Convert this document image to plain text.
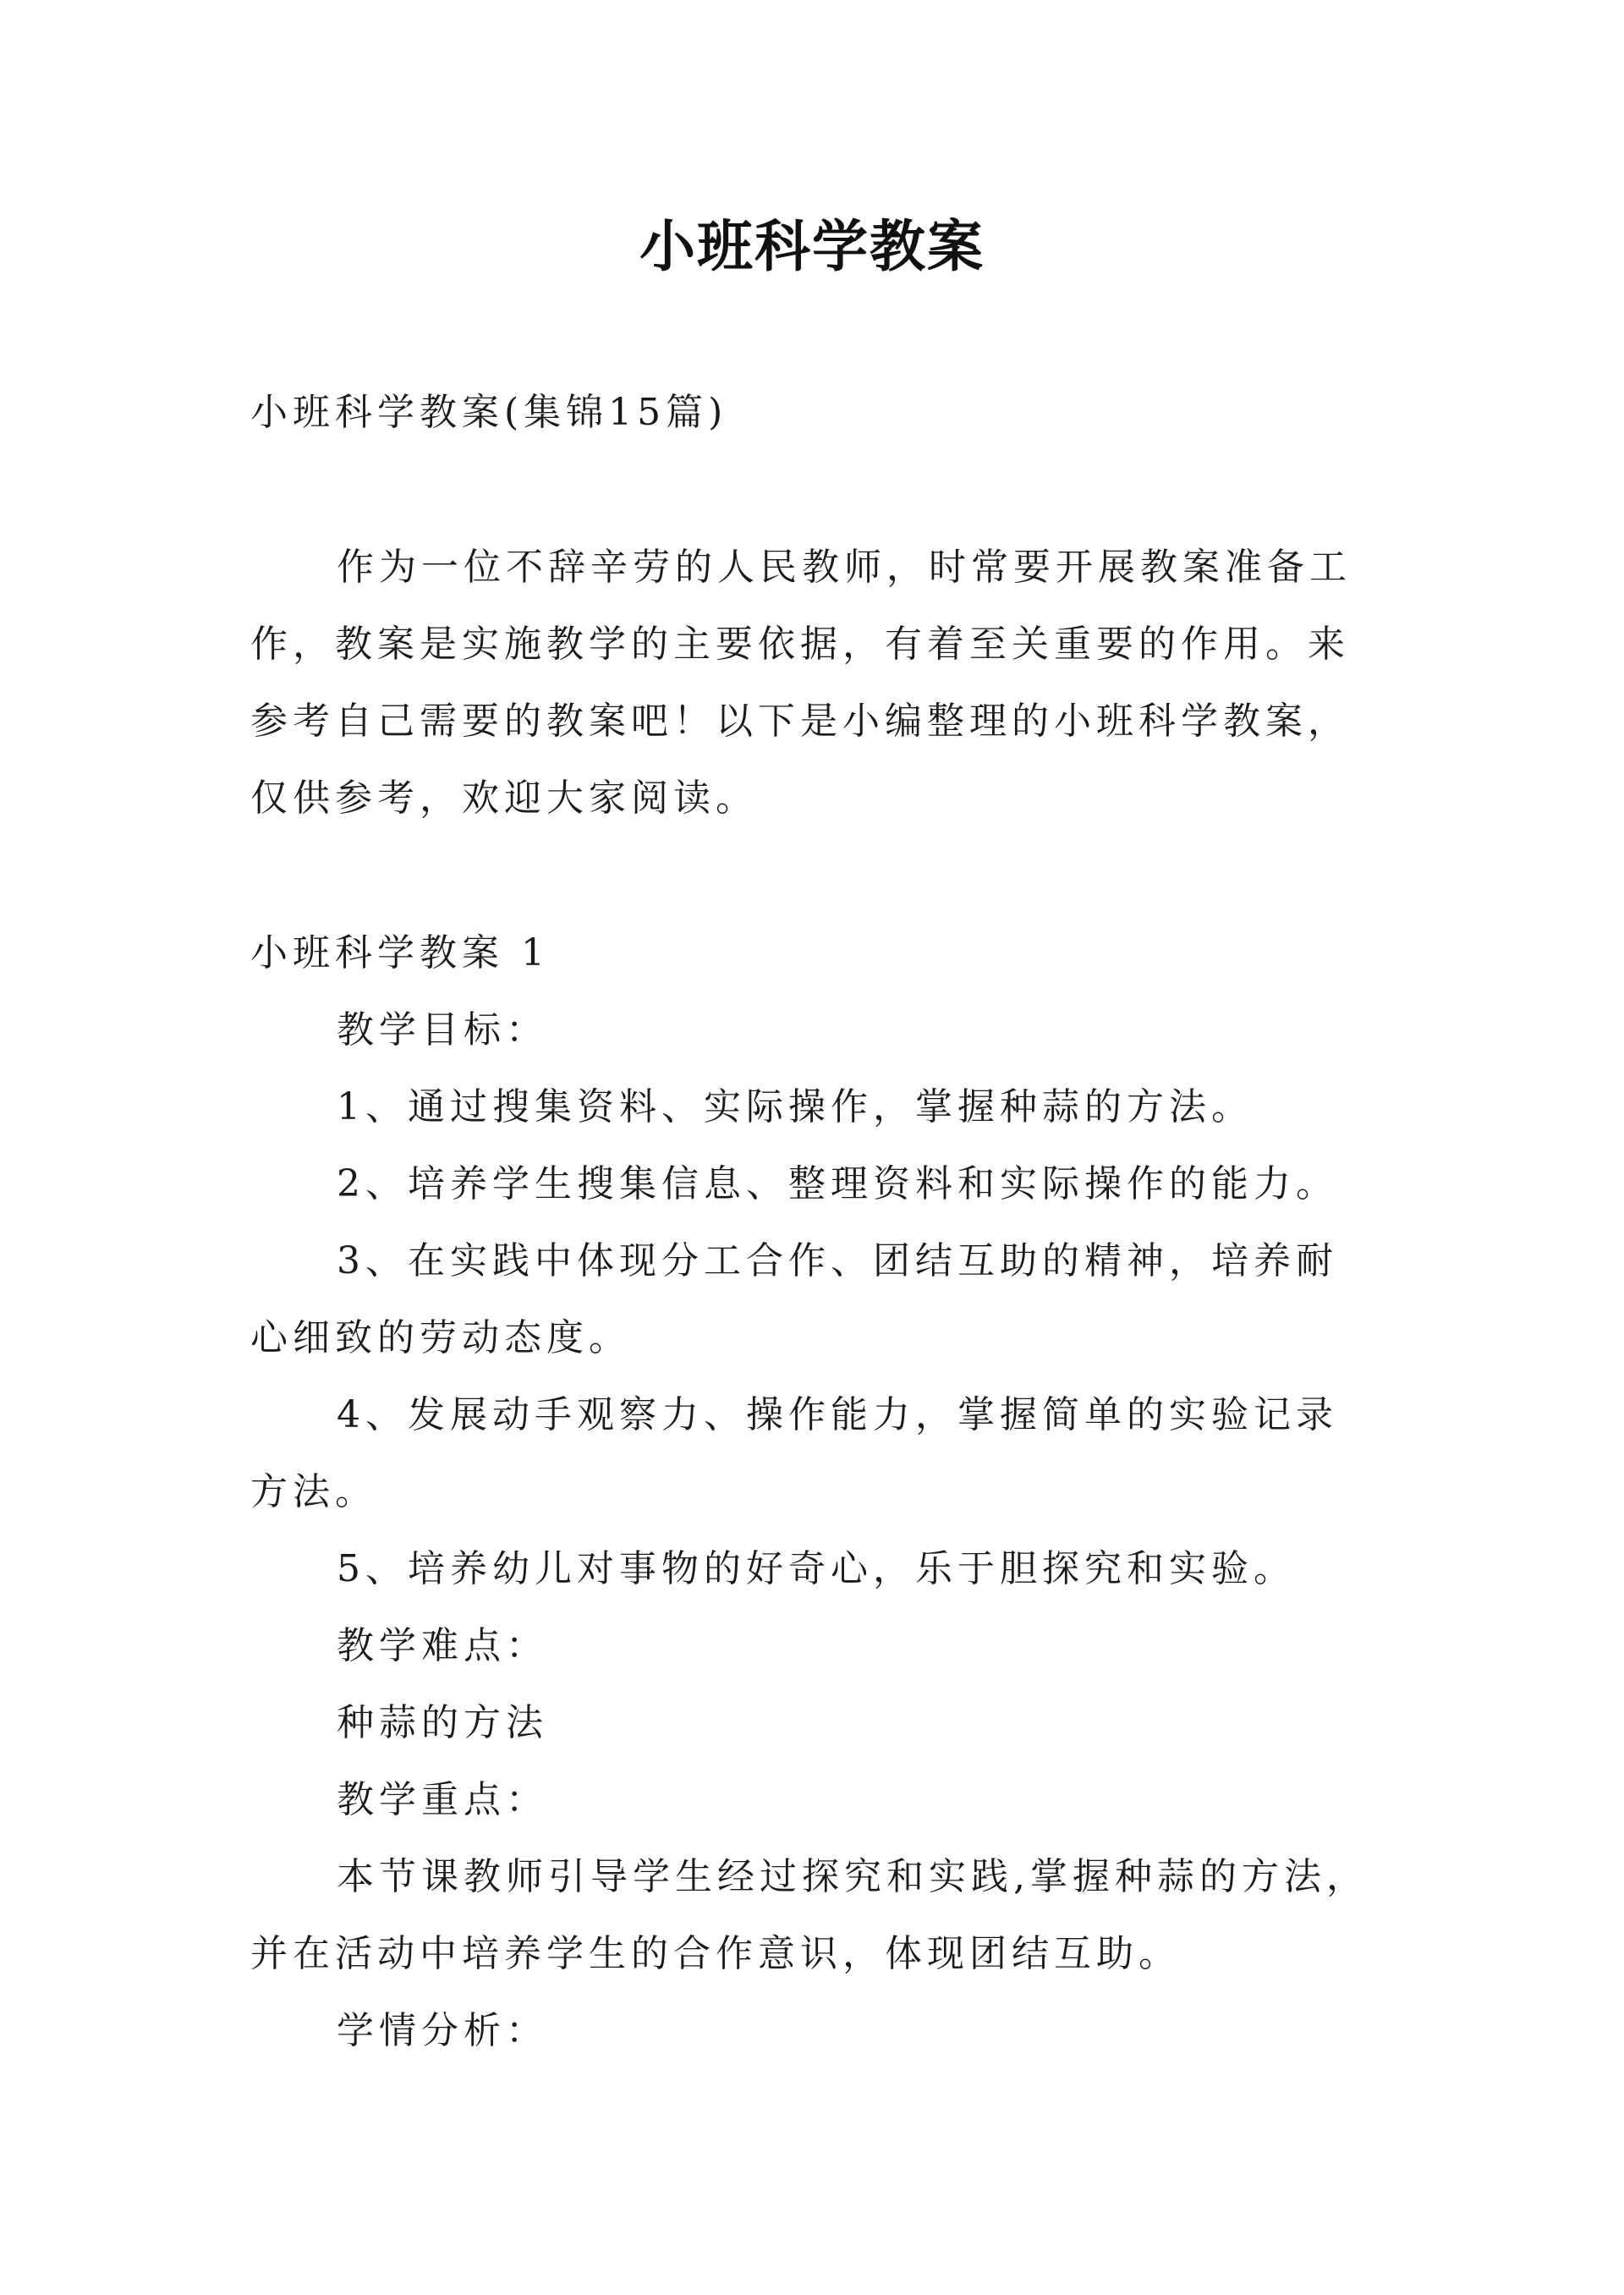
小班科学教案
小班科学教案(集锦15篇)
作为一位不辞辛劳的人民教师，时常要开展教案准备工
作，教案是实施教学的主要依据，有着至关重要的作用。来
参考自己需要的教案吧！以下是小编整理的小班科学教案，
仅供参考，欢迎大家阅读。
小班科学教案 1
教学目标：
1、通过搜集资料、实际操作，掌握种蒜的方法。
2、培养学生搜集信息、整理资料和实际操作的能力。
3、在实践中体现分工合作、团结互助的精神，培养耐
心细致的劳动态度。
4、发展动手观察力、操作能力，掌握简单的实验记录
方法。
5、培养幼儿对事物的好奇心，乐于胆探究和实验。
教学难点：
种蒜的方法
教学重点：
本节课教师引导学生经过探究和实践,掌握种蒜的方法，
并在活动中培养学生的合作意识，体现团结互助。
学情分析：
